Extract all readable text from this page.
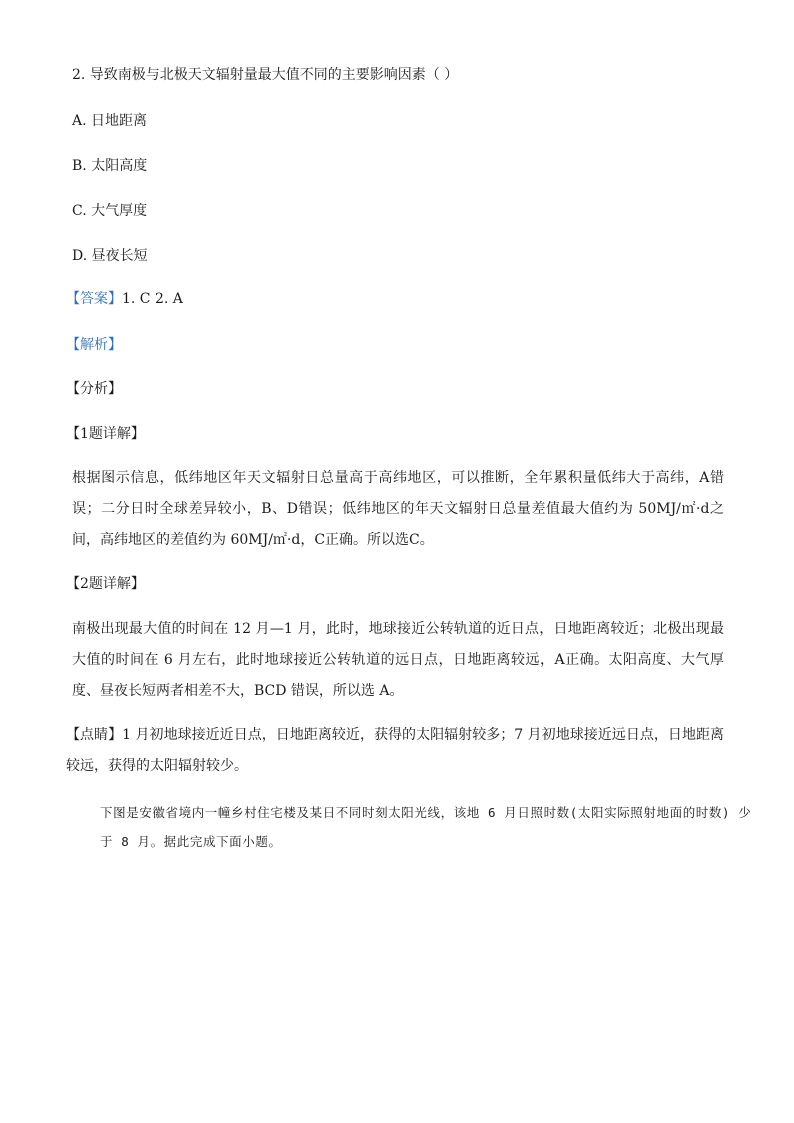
2. 导致南极与北极天文辐射量最大值不同的主要影响因素（ ）
A. 日地距离
B. 太阳高度
C. 大气厚度
D. 昼夜长短
【答案】1. C 2. A
【解析】
【分析】
【1题详解】
根据图示信息，低纬地区年天文辐射日总量高于高纬地区，可以推断，全年累积量低纬大于高纬，A错误；二分日时全球差异较小，B、D错误；低纬地区的年天文辐射日总量差值最大值约为 50MJ/㎡·d之间，高纬地区的差值约为 60MJ/㎡·d，C正确。所以选C。
【2题详解】
南极出现最大值的时间在 12 月—1 月，此时，地球接近公转轨道的近日点，日地距离较近；北极出现最大值的时间在 6 月左右，此时地球接近公转轨道的远日点，日地距离较远，A正确。太阳高度、大气厚度、昼夜长短两者相差不大，BCD 错误，所以选 A。
【点睛】1 月初地球接近近日点，日地距离较近，获得的太阳辐射较多；7 月初地球接近远日点，日地距离较远，获得的太阳辐射较少。
下图是安徽省境内一幢乡村住宅楼及某日不同时刻太阳光线，该地 6 月日照时数(太阳实际照射地面的时数) 少于 8 月。据此完成下面小题。
